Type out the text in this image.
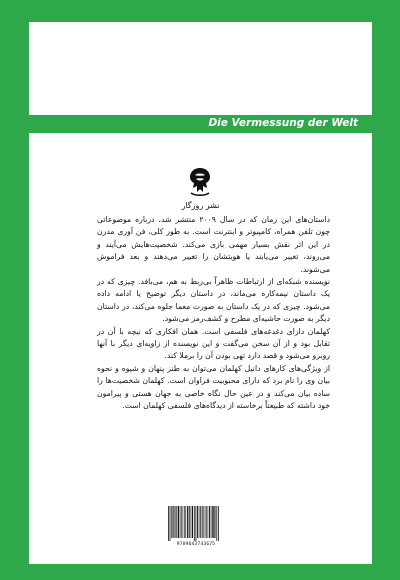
Die Vermessung der Welt
نشر روزگار

داستان‌های این رمان که در سال ۲۰۰۹ منتشر شد، درباره موضوعاتی چون تلفن همراه، کامپیوتر و اینترنت است. به طور کلی، فن آوری مدرن در این اثر نقش بسیار مهمی بازی می‌کند. شخصیت‌هایش می‌آیند و می‌روند، تغییر می‌یابند یا هویتشان را تغییر می‌دهند و بعد فراموش می‌شوند.

نویسنده شبکه‌ای از ارتباطات ظاهراً بی‌ربط به هم، می‌بافد. چیزی که در یک داستان نیمه‌کاره می‌ماند، در داستان دیگر توضیح یا ادامه داده می‌شود. چیزی که در یک داستان به صورت معما جلوه می‌کند، در داستان دیگر به صورت حاشیه‌ای مطرح و کشف‌رمز می‌شود.

کهلمان دارای دغدغه‌های فلسفی است. همان افکاری که نیچه با آن در تقابل بود و از آن سخن می‌گفت و این نویسنده از زاویه‌ای دیگر با آنها روبرو می‌شود و قصد دارد تهی بودن آن را برملا کند.

از ویژگی‌های کارهای دانیل کهلمان می‌توان به طنز پنهان و شیوه و نحوه بیان وی را نام برد که دارای محبوبیت فراوان است. کهلمان شخصیت‌ها را ساده بیان می‌کند و در عین حال نگاه خاصی به جهان هستی و پیرامون خود داشته که طبیعتاً برخاسته از دیدگاه‌های فلسفی کهلمان است.

9789643743675
